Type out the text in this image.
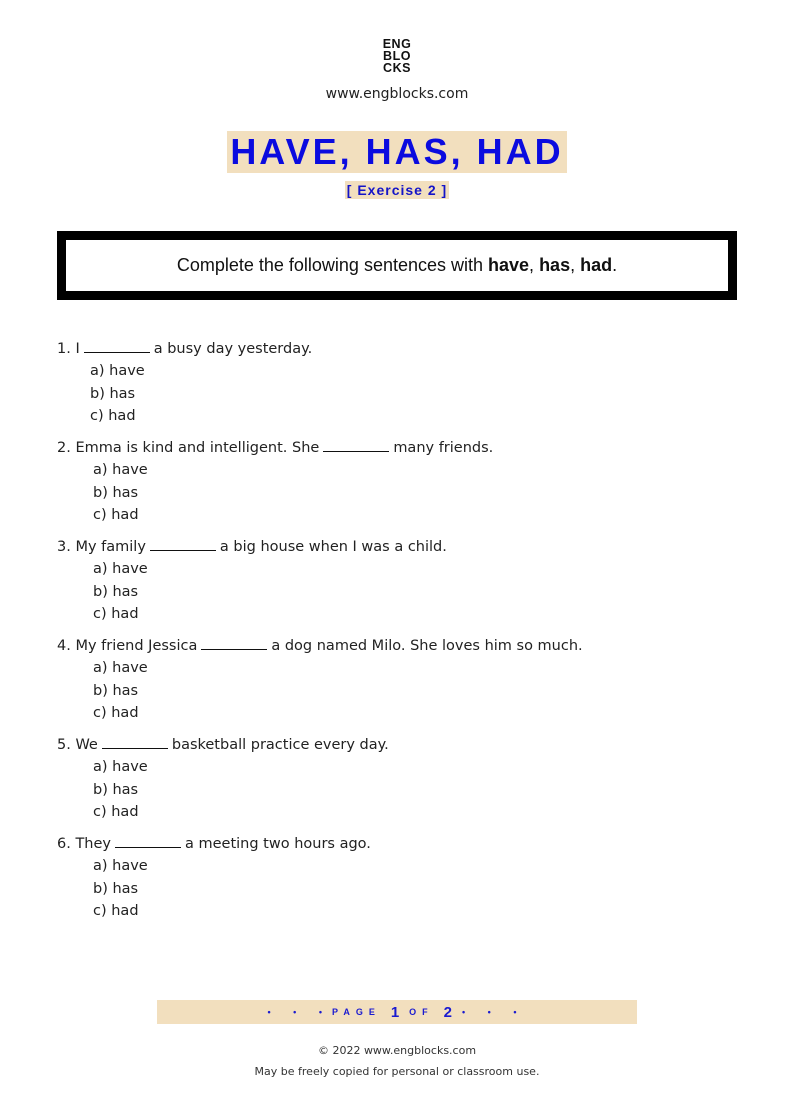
ENG
BLO
CKS
www.engblocks.com
HAVE, HAS, HAD
[ Exercise 2 ]
Complete the following sentences with have, has, had.
1. I	a busy day yesterday.
a) have
b) has
c) had
2. Emma is kind and intelligent. She	many friends.
a) have
b) has
c) had
3. My family	a big house when I was a child.
a) have
b) has
c) had
4. My friend Jessica	a dog named Milo. She loves him so much.
a) have
b) has
c) had
5. We	basketball practice every day.
a) have
b) has
c) had
6. They	a meeting two hours ago.
a) have
b) has
c) had
• • • PAGE 1 OF 2 • • •
© 2022 www.engblocks.com
May be freely copied for personal or classroom use.
